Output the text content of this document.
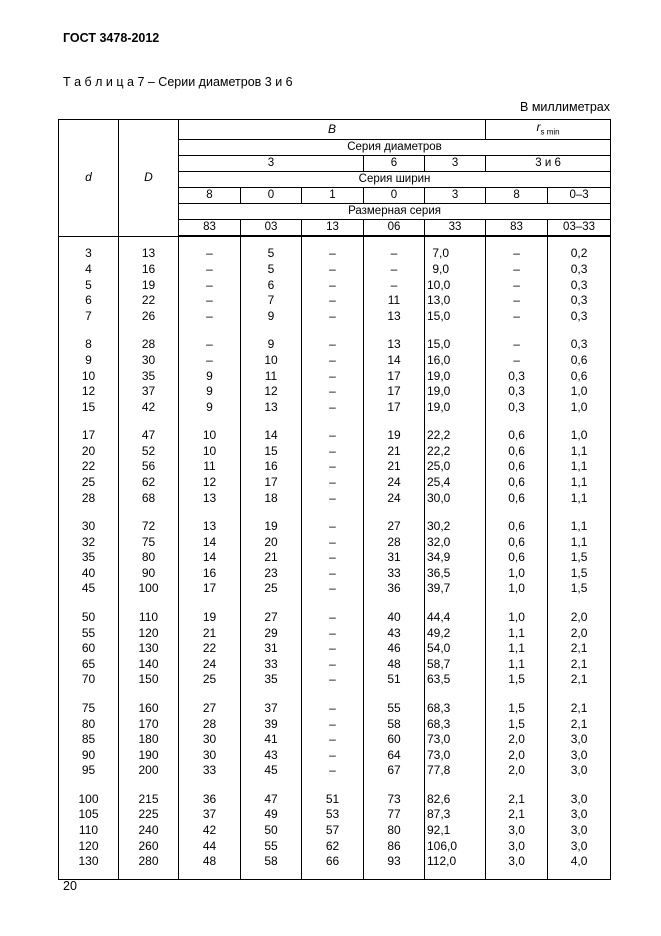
ГОСТ 3478-2012
Т а б л и ц а 7 – Серии диаметров 3 и 6
В миллиметрах
d	D	B					$r_{s min}$
		Серия диаметров						
		3			6	3	3 и 6	
		Серия ширин						
		8	0	1	0	3	8	0–3
		Размерная серия						
		83	03	13	06	33	83	03–33

3	13	–	5	–	–	7,0	–	0,2
4	16	–	5	–	–	9,0	–	0,3
5	19	–	6	–	–	10,0	–	0,3
6	22	–	7	–	11	13,0	–	0,3
7	26	–	9	–	13	15,0	–	0,3

8	28	–	9	–	13	15,0	–	0,3
9	30	–	10	–	14	16,0	–	0,6
10	35	9	11	–	17	19,0	0,3	0,6
12	37	9	12	–	17	19,0	0,3	1,0
15	42	9	13	–	17	19,0	0,3	1,0

17	47	10	14	–	19	22,2	0,6	1,0
20	52	10	15	–	21	22,2	0,6	1,1
22	56	11	16	–	21	25,0	0,6	1,1
25	62	12	17	–	24	25,4	0,6	1,1
28	68	13	18	–	24	30,0	0,6	1,1

30	72	13	19	–	27	30,2	0,6	1,1
32	75	14	20	–	28	32,0	0,6	1,1
35	80	14	21	–	31	34,9	0,6	1,5
40	90	16	23	–	33	36,5	1,0	1,5
45	100	17	25	–	36	39,7	1,0	1,5

50	110	19	27	–	40	44,4	1,0	2,0
55	120	21	29	–	43	49,2	1,1	2,0
60	130	22	31	–	46	54,0	1,1	2,1
65	140	24	33	–	48	58,7	1,1	2,1
70	150	25	35	–	51	63,5	1,5	2,1

75	160	27	37	–	55	68,3	1,5	2,1
80	170	28	39	–	58	68,3	1,5	2,1
85	180	30	41	–	60	73,0	2,0	3,0
90	190	30	43	–	64	73,0	2,0	3,0
95	200	33	45	–	67	77,8	2,0	3,0

100	215	36	47	51	73	82,6	2,1	3,0
105	225	37	49	53	77	87,3	2,1	3,0
110	240	42	50	57	80	92,1	3,0	3,0
120	260	44	55	62	86	106,0	3,0	3,0
130	280	48	58	66	93	112,0	3,0	4,0

20
